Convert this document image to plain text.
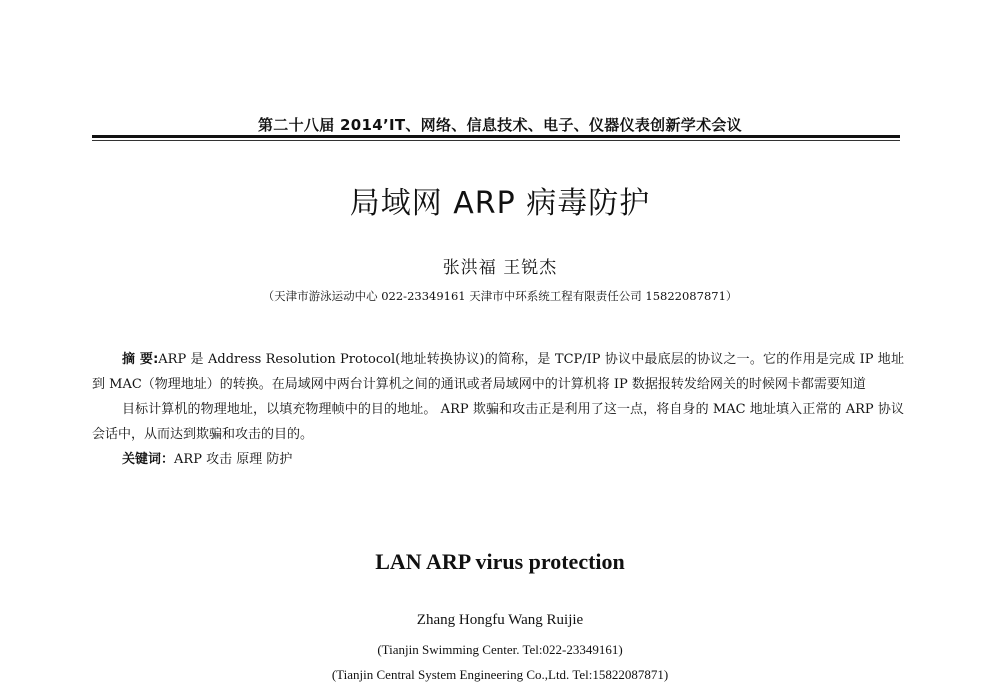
第二十八届 2014’IT、网络、信息技术、电子、仪器仪表创新学术会议
局域网 ARP 病毒防护
张洪福 王锐杰
（天津市游泳运动中心 022-23349161 天津市中环系统工程有限责任公司 15822087871）

摘 要:ARP 是 Address Resolution Protocol(地址转换协议)的简称，是 TCP/IP 协议中最底层的协议之一。它的作用是完成 IP 地址到 MAC（物理地址）的转换。在局域网中两台计算机之间的通讯或者局域网中的计算机将 IP 数据报转发给网关的时候网卡都需要知道

目标计算机的物理地址，以填充物理帧中的目的地址。 ARP 欺骗和攻击正是利用了这一点，将自身的 MAC 地址填入正常的 ARP 协议会话中，从而达到欺骗和攻击的目的。

关键词：ARP 攻击 原理 防护

LAN ARP virus protection
Zhang Hongfu Wang Ruijie
(Tianjin Swimming Center. Tel:022-23349161)
(Tianjin Central System Engineering Co.,Ltd. Tel:15822087871)
